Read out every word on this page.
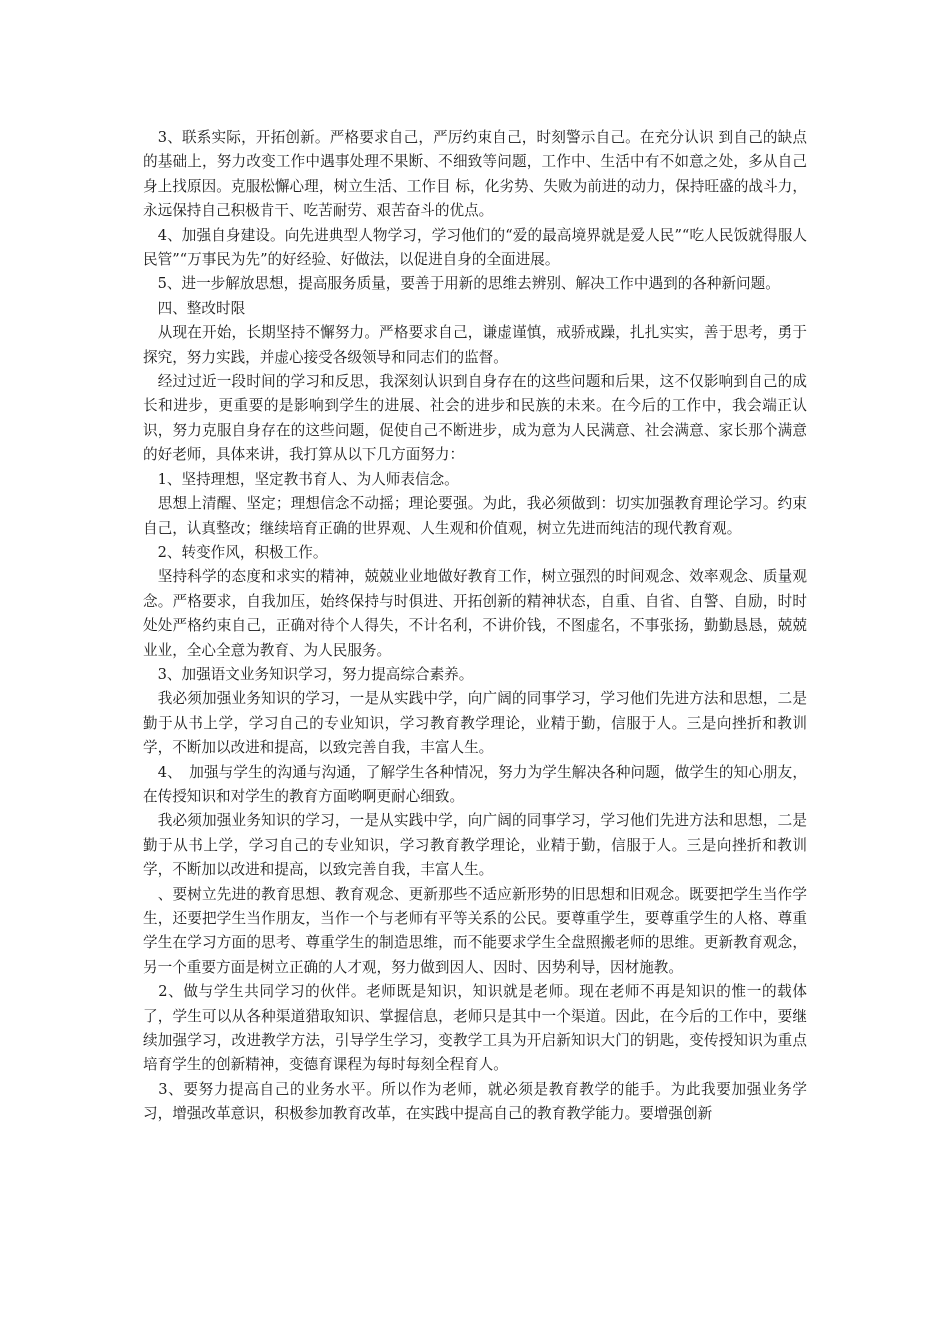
　3、联系实际，开拓创新。严格要求自己，严厉约束自己，时刻警示自己。在充分认识 到自己的缺点的基础上，努力改变工作中遇事处理不果断、不细致等问题，工作中、生活中有不如意之处，多从自己身上找原因。克服松懈心理，树立生活、工作目 标，化劣势、失败为前进的动力，保持旺盛的战斗力，永远保持自己积极肯干、吃苦耐劳、艰苦奋斗的优点。

　4、加强自身建设。向先进典型人物学习，学习他们的“爱的最高境界就是爱人民”“吃人民饭就得服人民管”“万事民为先”的好经验、好做法，以促进自身的全面进展。

　5、进一步解放思想，提高服务质量，要善于用新的思维去辨别、解决工作中遇到的各种新问题。

　四、整改时限

　从现在开始，长期坚持不懈努力。严格要求自己，谦虚谨慎，戒骄戒躁，扎扎实实，善于思考，勇于探究，努力实践，并虚心接受各级领导和同志们的监督。

　经过过近一段时间的学习和反思，我深刻认识到自身存在的这些问题和后果，这不仅影响到自己的成长和进步，更重要的是影响到学生的进展、社会的进步和民族的未来。在今后的工作中，我会端正认识，努力克服自身存在的这些问题，促使自己不断进步，成为意为人民满意、社会满意、家长那个满意的好老师，具体来讲，我打算从以下几方面努力：

　1、坚持理想，坚定教书育人、为人师表信念。

　思想上清醒、坚定；理想信念不动摇；理论要强。为此，我必须做到：切实加强教育理论学习。约束自己，认真整改；继续培育正确的世界观、人生观和价值观，树立先进而纯洁的现代教育观。

　2、转变作风，积极工作。

　坚持科学的态度和求实的精神，兢兢业业地做好教育工作，树立强烈的时间观念、效率观念、质量观念。严格要求，自我加压，始终保持与时俱进、开拓创新的精神状态，自重、自省、自警、自励，时时处处严格约束自己，正确对待个人得失，不计名利，不讲价钱，不图虚名，不事张扬，勤勤恳恳，兢兢业业，全心全意为教育、为人民服务。

　3、加强语文业务知识学习，努力提高综合素养。

　我必须加强业务知识的学习，一是从实践中学，向广阔的同事学习，学习他们先进方法和思想，二是勤于从书上学，学习自己的专业知识，学习教育教学理论，业精于勤，信服于人。三是向挫折和教训学，不断加以改进和提高，以致完善自我，丰富人生。

　4、　加强与学生的沟通与沟通，了解学生各种情况，努力为学生解决各种问题，做学生的知心朋友，在传授知识和对学生的教育方面哟啊更耐心细致。

　我必须加强业务知识的学习，一是从实践中学，向广阔的同事学习，学习他们先进方法和思想，二是勤于从书上学，学习自己的专业知识，学习教育教学理论，业精于勤，信服于人。三是向挫折和教训学，不断加以改进和提高，以致完善自我，丰富人生。

　、要树立先进的教育思想、教育观念、更新那些不适应新形势的旧思想和旧观念。既要把学生当作学生，还要把学生当作朋友，当作一个与老师有平等关系的公民。要尊重学生，要尊重学生的人格、尊重学生在学习方面的思考、尊重学生的制造思维，而不能要求学生全盘照搬老师的思维。更新教育观念，另一个重要方面是树立正确的人才观，努力做到因人、因时、因势利导，因材施教。

　2、做与学生共同学习的伙伴。老师既是知识，知识就是老师。现在老师不再是知识的惟一的载体了，学生可以从各种渠道猎取知识、掌握信息，老师只是其中一个渠道。因此，在今后的工作中，要继续加强学习，改进教学方法，引导学生学习，变教学工具为开启新知识大门的钥匙，变传授知识为重点培育学生的创新精神，变德育课程为每时每刻全程育人。

　3、要努力提高自己的业务水平。所以作为老师，就必须是教育教学的能手。为此我要加强业务学习，增强改革意识，积极参加教育改革，在实践中提高自己的教育教学能力。要增强创新
